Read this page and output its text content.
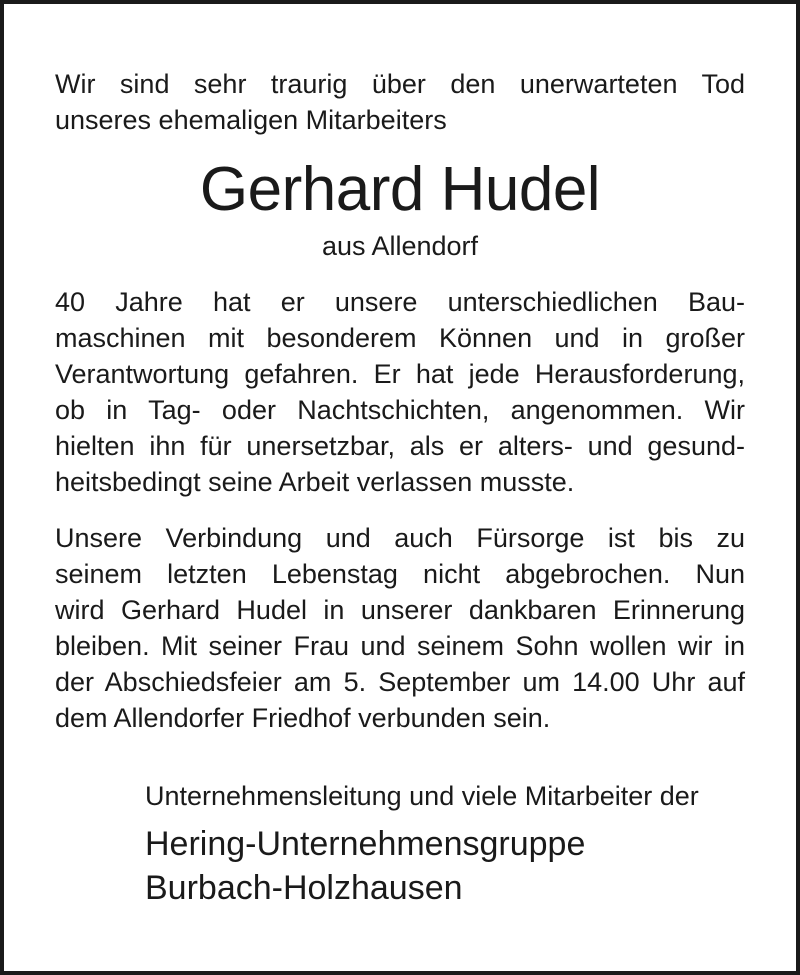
Wir sind sehr traurig über den unerwarteten Tod
unseres ehemaligen Mitarbeiters

Gerhard Hudel

aus Allendorf

40 Jahre hat er unsere unterschiedlichen Bau-
maschinen mit besonderem Können und in großer
Verantwortung gefahren. Er hat jede Herausforderung,
ob in Tag- oder Nachtschichten, angenommen. Wir
hielten ihn für unersetzbar, als er alters- und gesund-
heitsbedingt seine Arbeit verlassen musste.

Unsere Verbindung und auch Fürsorge ist bis zu
seinem letzten Lebenstag nicht abgebrochen. Nun
wird Gerhard Hudel in unserer dankbaren Erinnerung
bleiben. Mit seiner Frau und seinem Sohn wollen wir in
der Abschiedsfeier am 5. September um 14.00 Uhr auf
dem Allendorfer Friedhof verbunden sein.

Unternehmensleitung und viele Mitarbeiter der

Hering-Unternehmensgruppe

Burbach-Holzhausen
